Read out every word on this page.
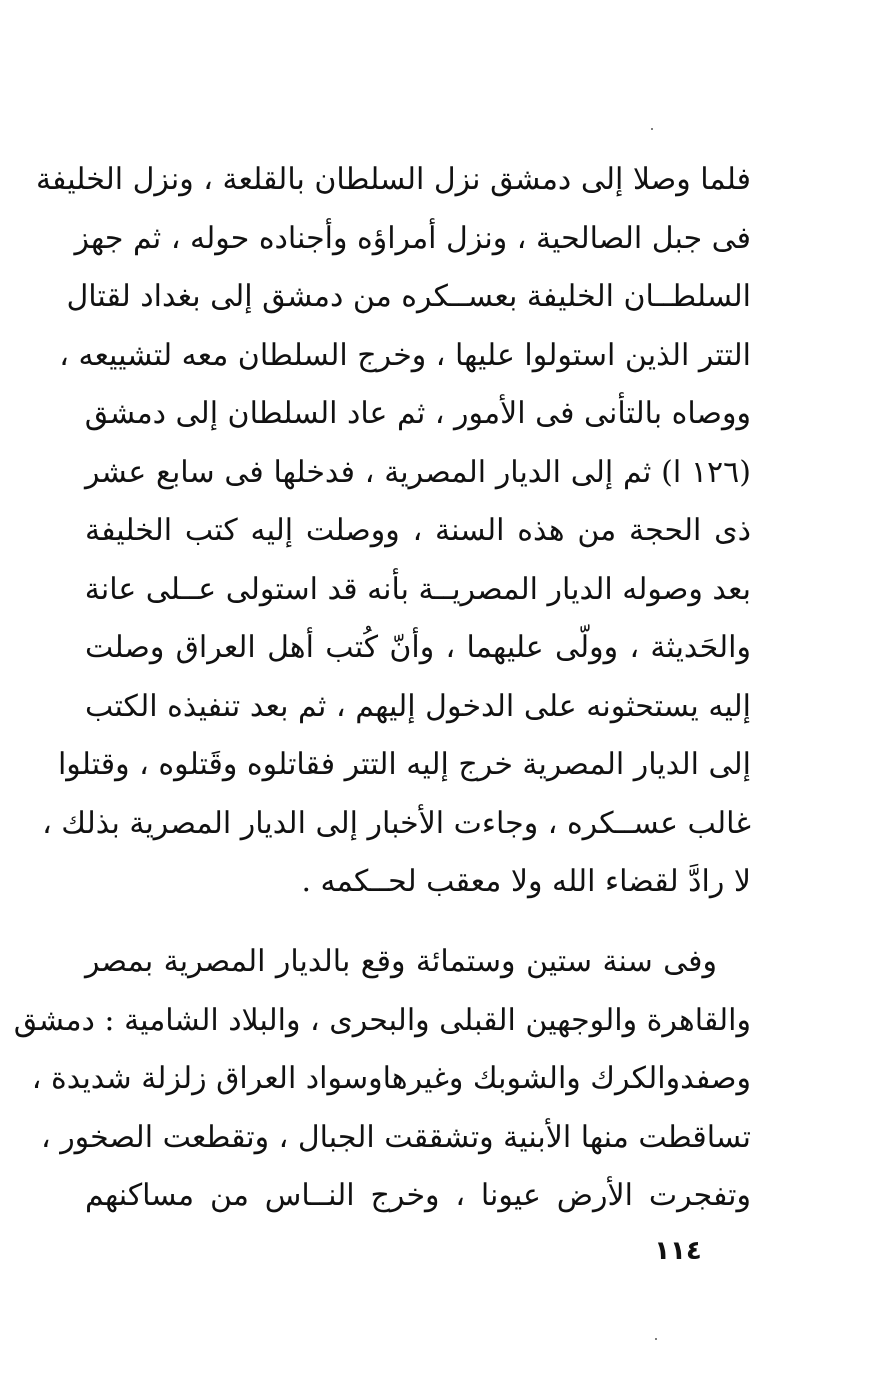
فلما وصلا إلى دمشق نزل السلطان بالقلعة ، ونزل الخليفة
فى جبل الصالحية ، ونزل أمراؤه وأجناده حوله ، ثم جهز
السلطــان الخليفة بعســكره من دمشق إلى بغداد لقتال
التتر الذين استولوا عليها ، وخرج السلطان معه لتشييعه ،
ووصاه بالتأنى فى الأمور ، ثم عاد السلطان إلى دمشق
(١٢٦ ا) ثم إلى الديار المصرية ، فدخلها فى سابع عشر
ذى الحجة من هذه السنة ، ووصلت إليه كتب الخليفة
بعد وصوله الديار المصريــة بأنه قد استولى عــلى عانة
والحَديثة ، وولّى عليهما ، وأنّ كُتب أهل العراق وصلت
إليه يستحثونه على الدخول إليهم ، ثم بعد تنفيذه الكتب
إلى الديار المصرية خرج إليه التتر فقاتلوه وقَتلوه ، وقتلوا
غالب عســكره ، وجاءت الأخبار إلى الديار المصرية بذلك ،
لا رادَّ لقضاء الله ولا معقب لحــكمه .
وفى سنة ستين وستمائة وقع بالديار المصرية بمصر
والقاهرة والوجهين القبلى والبحرى ، والبلاد الشامية : دمشق
وصفدوالكرك والشوبك وغيرهاوسواد العراق زلزلة شديدة ،
تساقطت منها الأبنية وتشققت الجبال ، وتقطعت الصخور ،
وتفجرت الأرض عيونا ، وخرج النــاس من مساكنهم
١١٤
